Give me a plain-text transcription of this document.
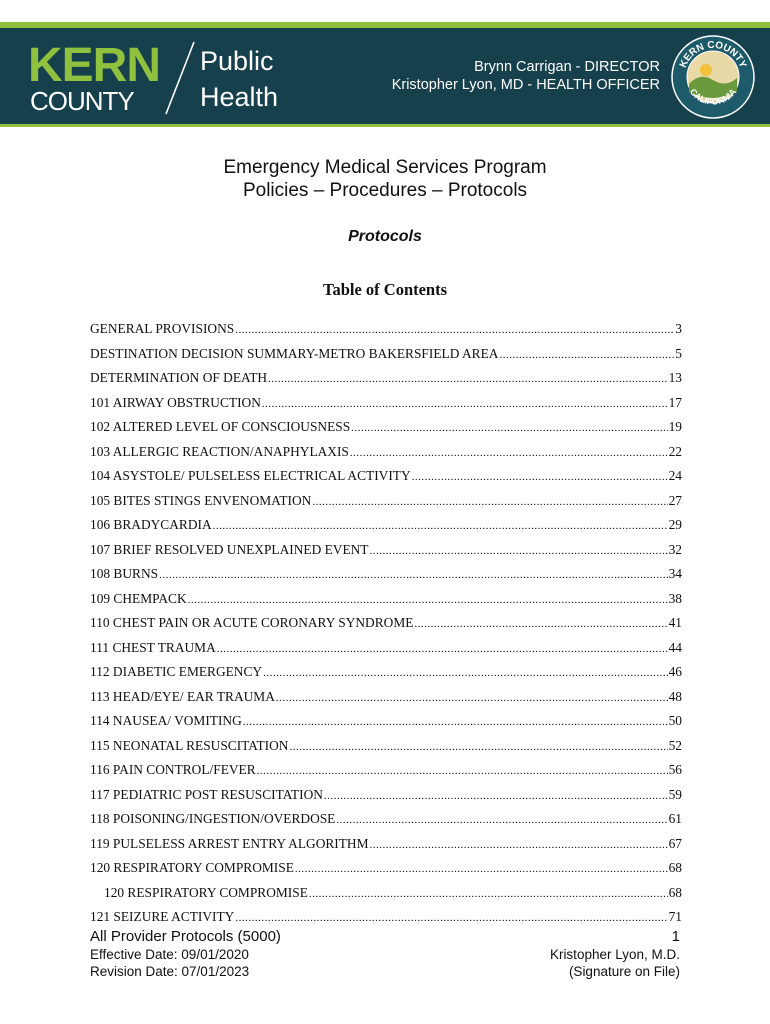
KERN
COUNTY
Public
Health
Brynn Carrigan - DIRECTOR
Kristopher Lyon, MD - HEALTH OFFICER
KERN COUNTY
CALIFORNIA
Emergency Medical Services Program
Policies – Procedures – Protocols
Protocols
Table of Contents
GENERAL PROVISIONS .....	3
DESTINATION DECISION SUMMARY-METRO BAKERSFIELD AREA .....	5
DETERMINATION OF DEATH .....	13
101 AIRWAY OBSTRUCTION .....	17
102 ALTERED LEVEL OF CONSCIOUSNESS .....	19
103 ALLERGIC REACTION/ANAPHYLAXIS .....	22
104 ASYSTOLE/ PULSELESS ELECTRICAL ACTIVITY .....	24
105 BITES STINGS ENVENOMATION .....	27
106 BRADYCARDIA .....	29
107 BRIEF RESOLVED UNEXPLAINED EVENT .....	32
108 BURNS .....	34
109 CHEMPACK .....	38
110 CHEST PAIN OR ACUTE CORONARY SYNDROME .....	41
111 CHEST TRAUMA .....	44
112 DIABETIC EMERGENCY .....	46
113 HEAD/EYE/ EAR TRAUMA .....	48
114 NAUSEA/ VOMITING .....	50
115 NEONATAL RESUSCITATION .....	52
116 PAIN CONTROL/FEVER .....	56
117 PEDIATRIC POST RESUSCITATION .....	59
118 POISONING/INGESTION/OVERDOSE .....	61
119 PULSELESS ARREST ENTRY ALGORITHM .....	67
120 RESPIRATORY COMPROMISE .....	68
120 RESPIRATORY COMPROMISE .....	68
121 SEIZURE ACTIVITY .....	71
All Provider Protocols (5000)
Effective Date: 09/01/2020
Revision Date: 07/01/2023
1
Kristopher Lyon, M.D.
(Signature on File)
